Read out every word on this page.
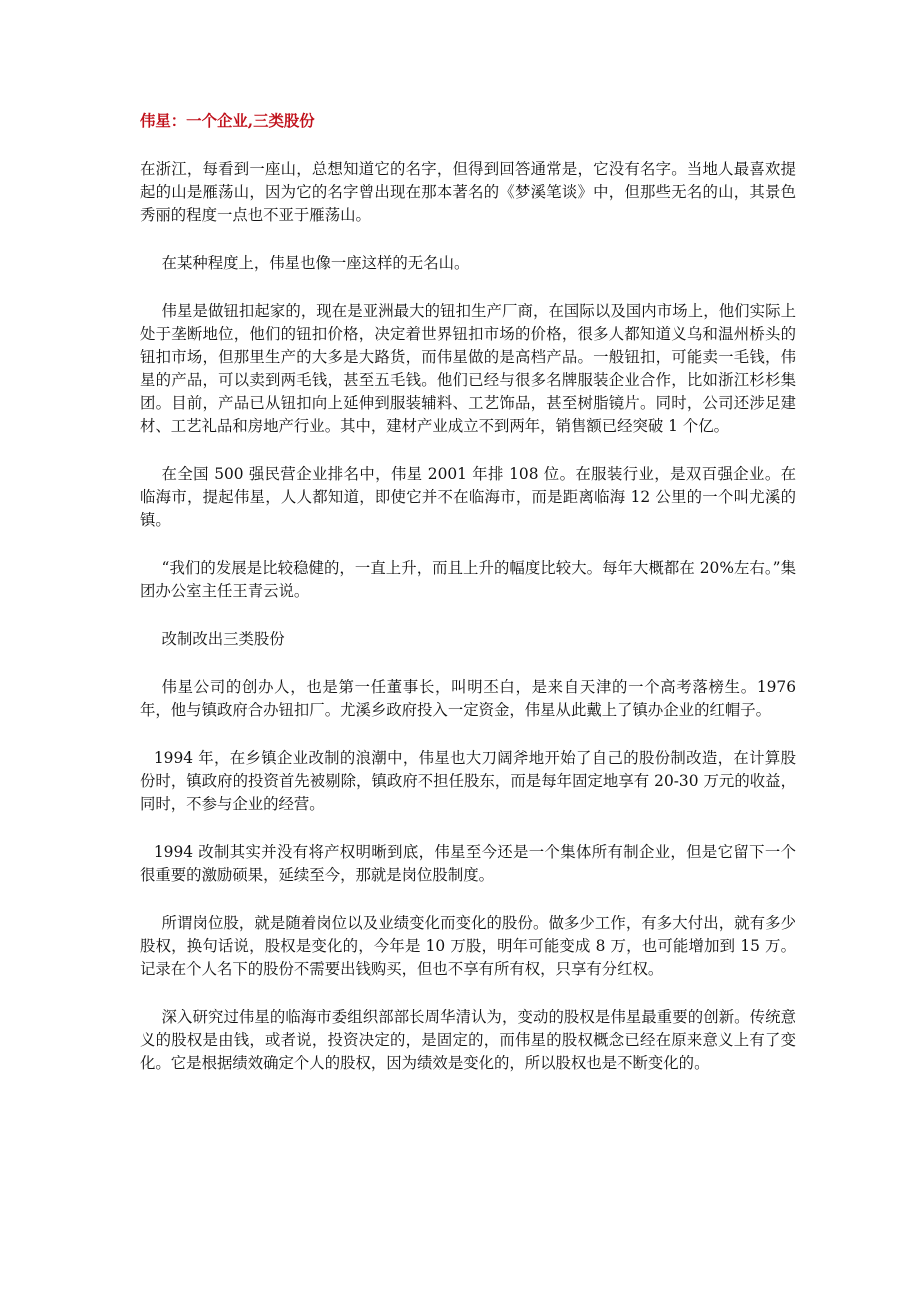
伟星：一个企业,三类股份

在浙江，每看到一座山，总想知道它的名字，但得到回答通常是，它没有名字。当地人最喜欢提起的山是雁荡山，因为它的名字曾出现在那本著名的《梦溪笔谈》中，但那些无名的山，其景色秀丽的程度一点也不亚于雁荡山。

在某种程度上，伟星也像一座这样的无名山。

伟星是做钮扣起家的，现在是亚洲最大的钮扣生产厂商，在国际以及国内市场上，他们实际上处于垄断地位，他们的钮扣价格，决定着世界钮扣市场的价格，很多人都知道义乌和温州桥头的钮扣市场，但那里生产的大多是大路货，而伟星做的是高档产品。一般钮扣，可能卖一毛钱，伟星的产品，可以卖到两毛钱，甚至五毛钱。他们已经与很多名牌服装企业合作，比如浙江杉杉集团。目前，产品已从钮扣向上延伸到服装辅料、工艺饰品，甚至树脂镜片。同时，公司还涉足建材、工艺礼品和房地产行业。其中，建材产业成立不到两年，销售额已经突破 1 个亿。

在全国 500 强民营企业排名中，伟星 2001 年排 108 位。在服装行业，是双百强企业。在临海市，提起伟星，人人都知道，即使它并不在临海市，而是距离临海 12 公里的一个叫尤溪的镇。

“我们的发展是比较稳健的，一直上升，而且上升的幅度比较大。每年大概都在 20%左右。”集团办公室主任王青云说。

改制改出三类股份

伟星公司的创办人，也是第一任董事长，叫明丕白，是来自天津的一个高考落榜生。1976 年，他与镇政府合办钮扣厂。尤溪乡政府投入一定资金，伟星从此戴上了镇办企业的红帽子。

1994 年，在乡镇企业改制的浪潮中，伟星也大刀阔斧地开始了自己的股份制改造，在计算股份时，镇政府的投资首先被剔除，镇政府不担任股东，而是每年固定地享有 20-30 万元的收益，同时，不参与企业的经营。

1994 改制其实并没有将产权明晰到底，伟星至今还是一个集体所有制企业，但是它留下一个很重要的激励硕果，延续至今，那就是岗位股制度。

所谓岗位股，就是随着岗位以及业绩变化而变化的股份。做多少工作，有多大付出，就有多少股权，换句话说，股权是变化的，今年是 10 万股，明年可能变成 8 万，也可能增加到 15 万。记录在个人名下的股份不需要出钱购买，但也不享有所有权，只享有分红权。

深入研究过伟星的临海市委组织部部长周华清认为，变动的股权是伟星最重要的创新。传统意义的股权是由钱，或者说，投资决定的，是固定的，而伟星的股权概念已经在原来意义上有了变化。它是根据绩效确定个人的股权，因为绩效是变化的，所以股权也是不断变化的。
